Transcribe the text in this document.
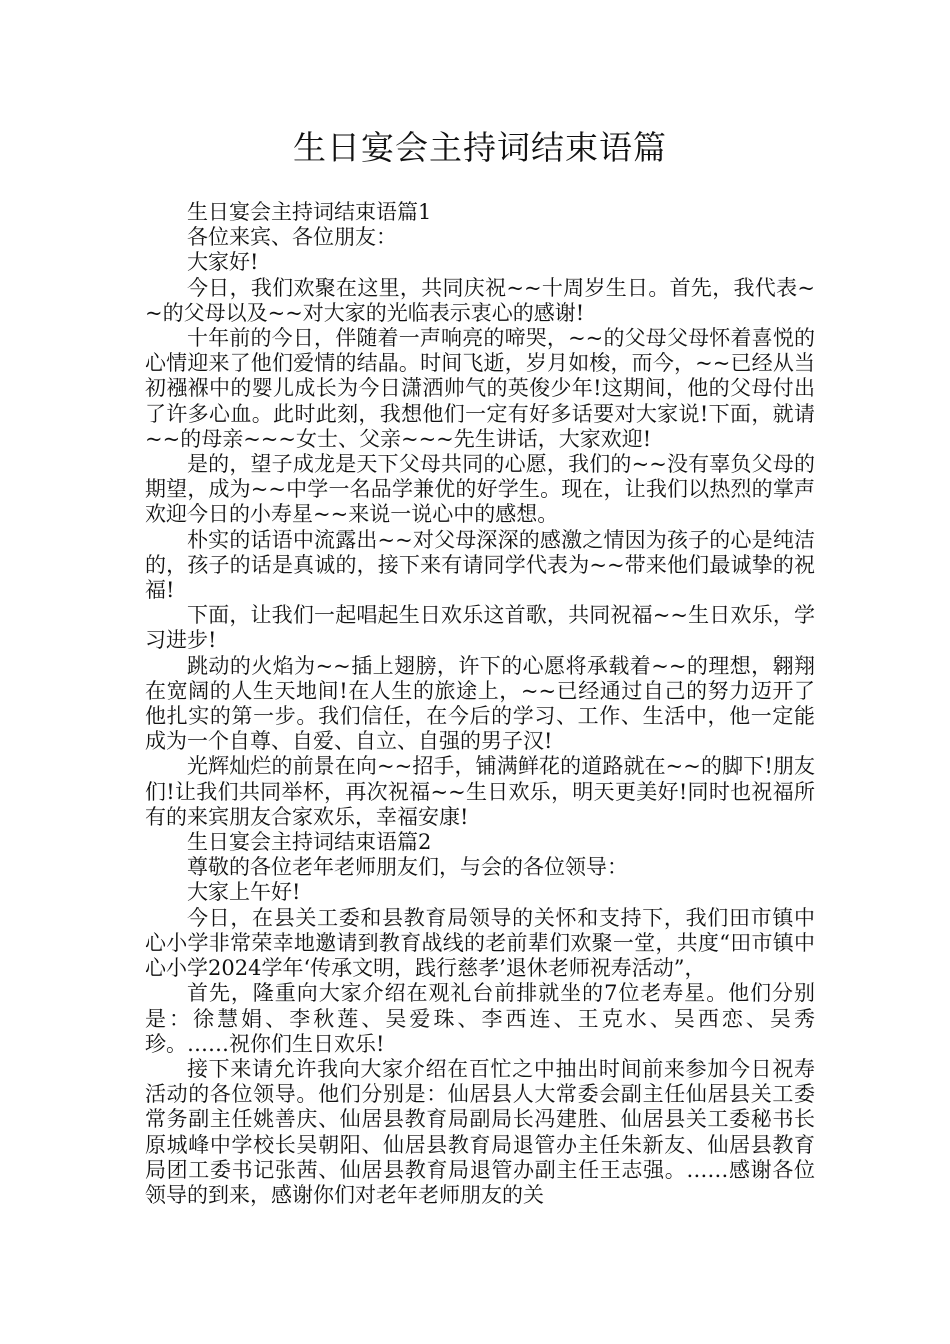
生日宴会主持词结束语篇

生日宴会主持词结束语篇1

各位来宾、各位朋友：

大家好!

今日，我们欢聚在这里，共同庆祝~~十周岁生日。首先，我代表~~的父母以及~~对大家的光临表示衷心的感谢!

十年前的今日，伴随着一声响亮的啼哭，~~的父母父母怀着喜悦的心情迎来了他们爱情的结晶。时间飞逝，岁月如梭，而今，~~已经从当初襁褓中的婴儿成长为今日潇洒帅气的英俊少年!这期间，他的父母付出了许多心血。此时此刻，我想他们一定有好多话要对大家说!下面，就请~~的母亲~~~女士、父亲~~~先生讲话，大家欢迎!

是的，望子成龙是天下父母共同的心愿，我们的~~没有辜负父母的期望，成为~~中学一名品学兼优的好学生。现在，让我们以热烈的掌声欢迎今日的小寿星~~来说一说心中的感想。

朴实的话语中流露出~~对父母深深的感激之情因为孩子的心是纯洁的，孩子的话是真诚的，接下来有请同学代表为~~带来他们最诚挚的祝福!

下面，让我们一起唱起生日欢乐这首歌，共同祝福~~生日欢乐，学习进步!

跳动的火焰为~~插上翅膀，许下的心愿将承载着~~的理想，翱翔在宽阔的人生天地间!在人生的旅途上，~~已经通过自己的努力迈开了他扎实的第一步。我们信任，在今后的学习、工作、生活中，他一定能成为一个自尊、自爱、自立、自强的男子汉!

光辉灿烂的前景在向~~招手，铺满鲜花的道路就在~~的脚下!朋友们!让我们共同举杯，再次祝福~~生日欢乐，明天更美好!同时也祝福所有的来宾朋友合家欢乐，幸福安康!

生日宴会主持词结束语篇2

尊敬的各位老年老师朋友们，与会的各位领导：

大家上午好!

今日，在县关工委和县教育局领导的关怀和支持下，我们田市镇中心小学非常荣幸地邀请到教育战线的老前辈们欢聚一堂，共度“田市镇中心小学2024学年‘传承文明，践行慈孝’退休老师祝寿活动”，

首先，隆重向大家介绍在观礼台前排就坐的7位老寿星。他们分别是：徐慧娟、李秋莲、吴爱珠、李西连、王克水、吴西恋、吴秀珍。……祝你们生日欢乐!

接下来请允许我向大家介绍在百忙之中抽出时间前来参加今日祝寿活动的各位领导。他们分别是：仙居县人大常委会副主任仙居县关工委常务副主任姚善庆、仙居县教育局副局长冯建胜、仙居县关工委秘书长原城峰中学校长吴朝阳、仙居县教育局退管办主任朱新友、仙居县教育局团工委书记张茜、仙居县教育局退管办副主任王志强。……感谢各位领导的到来，感谢你们对老年老师朋友的关
